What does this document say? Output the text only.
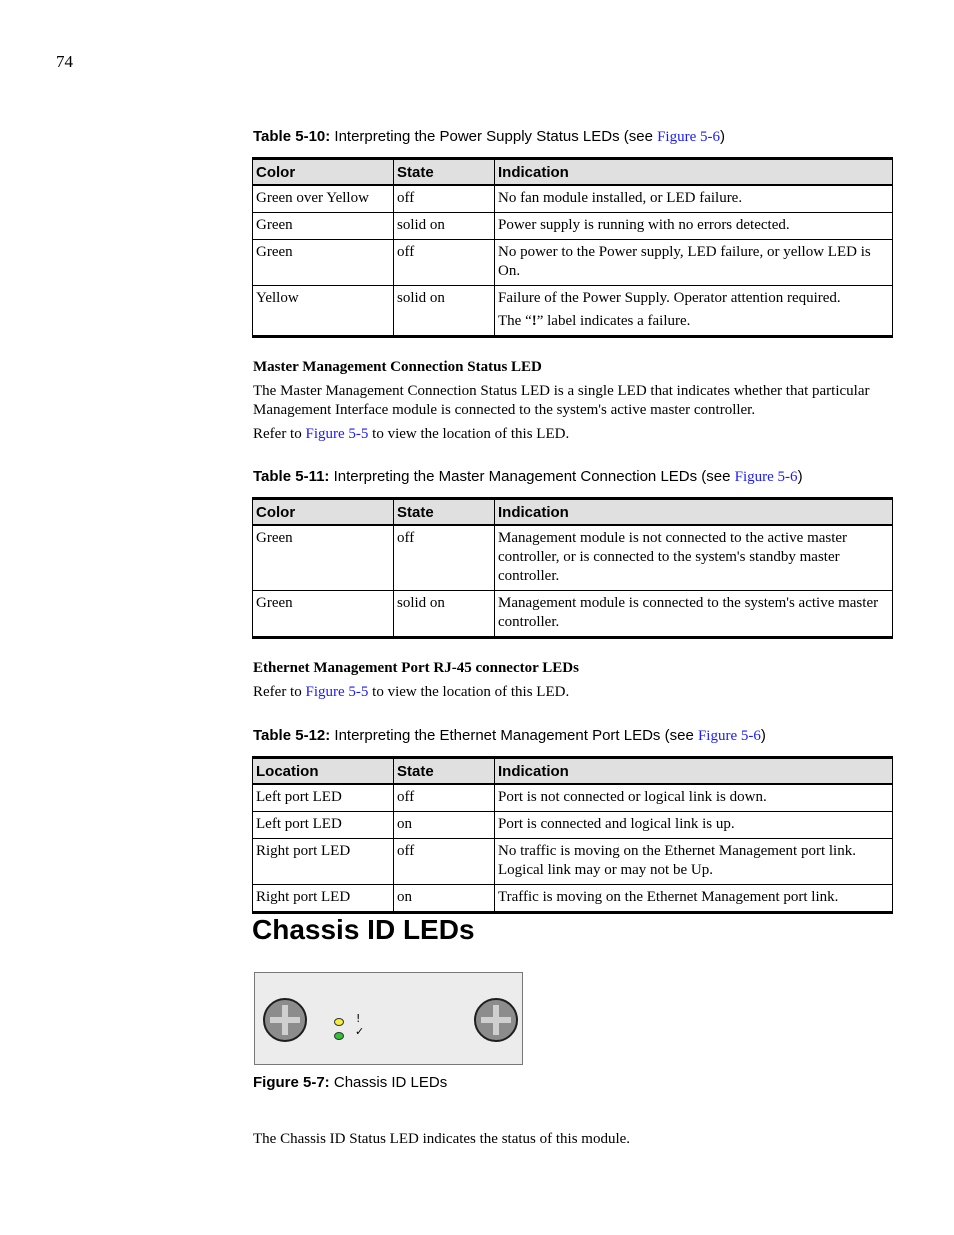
74
Table 5-10: Interpreting the Power Supply Status LEDs (see Figure 5-6)
Color	State	Indication
Green over Yellow	off	No fan module installed, or LED failure.
Green	solid on	Power supply is running with no errors detected.
Green	off	No power to the Power supply, LED failure, or yellow LED is On.
Yellow	solid on	Failure of the Power Supply. Operator attention required.
The “!” label indicates a failure.
Master Management Connection Status LED
The Master Management Connection Status LED is a single LED that indicates whether that particular Management Interface module is connected to the system's active master controller.
Refer to Figure 5-5 to view the location of this LED.
Table 5-11: Interpreting the Master Management Connection LEDs (see Figure 5-6)
Color	State	Indication
Green	off	Management module is not connected to the active master controller, or is connected to the system's standby master controller.
Green	solid on	Management module is connected to the system's active master controller.
Ethernet Management Port RJ-45 connector LEDs
Refer to Figure 5-5 to view the location of this LED.
Table 5-12: Interpreting the Ethernet Management Port LEDs (see Figure 5-6)
Location	State	Indication
Left port LED	off	Port is not connected or logical link is down.
Left port LED	on	Port is connected and logical link is up.
Right port LED	off	No traffic is moving on the Ethernet Management port link. Logical link may or may not be Up.
Right port LED	on	Traffic is moving on the Ethernet Management port link.
Chassis ID LEDs
!
✓
Figure 5-7: Chassis ID LEDs
The Chassis ID Status LED indicates the status of this module.
